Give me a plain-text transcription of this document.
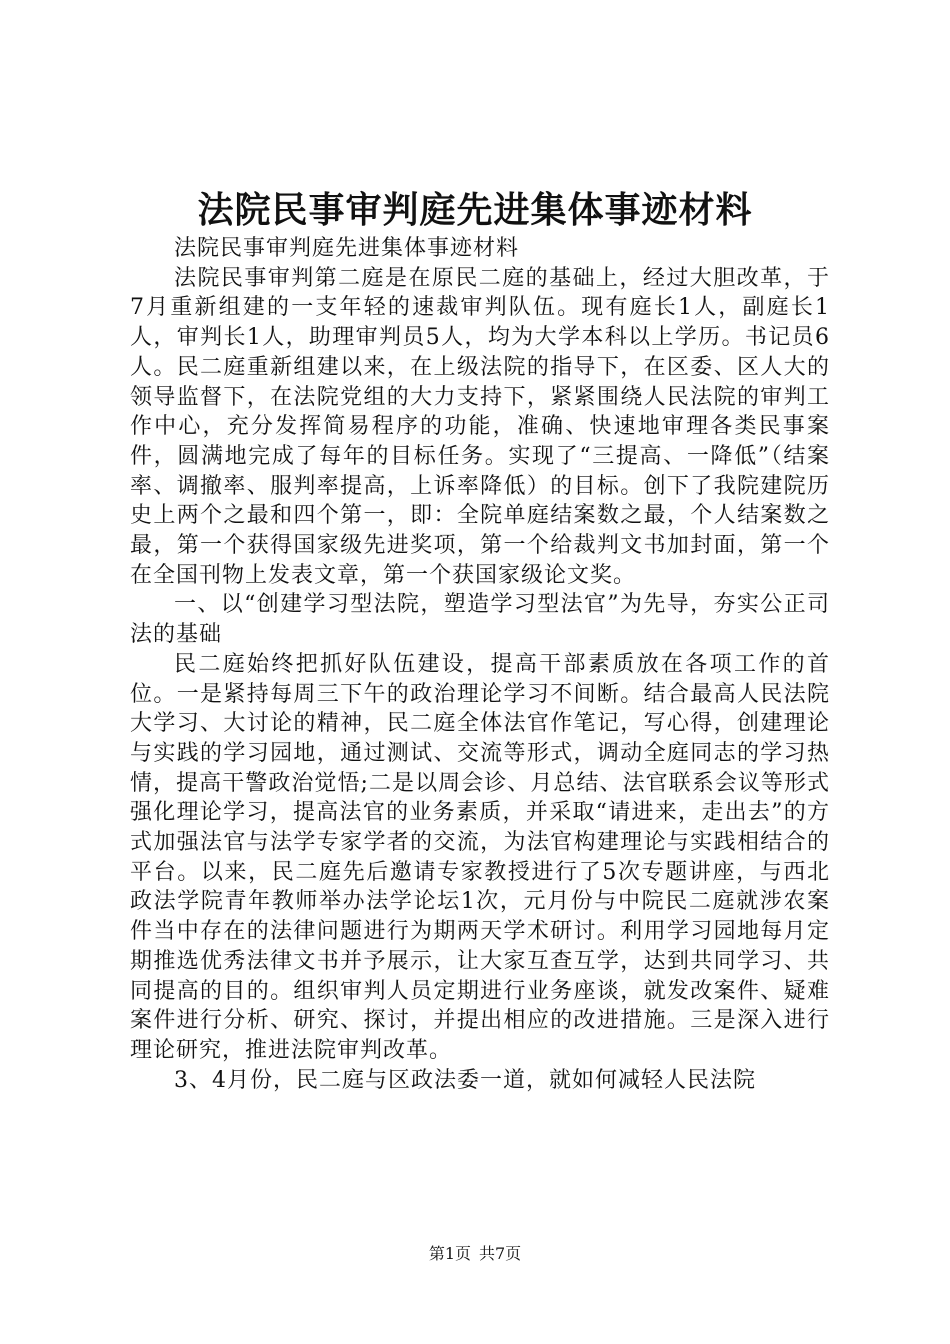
法院民事审判庭先进集体事迹材料

法院民事审判庭先进集体事迹材料

法院民事审判第二庭是在原民二庭的基础上，经过大胆改革，于7月重新组建的一支年轻的速裁审判队伍。现有庭长1人，副庭长1人，审判长1人，助理审判员5人，均为大学本科以上学历。书记员6人。民二庭重新组建以来，在上级法院的指导下，在区委、区人大的领导监督下，在法院党组的大力支持下，紧紧围绕人民法院的审判工作中心，充分发挥简易程序的功能，准确、快速地审理各类民事案件，圆满地完成了每年的目标任务。实现了“三提高、一降低”（结案率、调撤率、服判率提高，上诉率降低）的目标。创下了我院建院历史上两个之最和四个第一，即：全院单庭结案数之最，个人结案数之最，第一个获得国家级先进奖项，第一个给裁判文书加封面，第一个在全国刊物上发表文章，第一个获国家级论文奖。

一、以“创建学习型法院，塑造学习型法官”为先导，夯实公正司法的基础

民二庭始终把抓好队伍建设，提高干部素质放在各项工作的首位。一是紧持每周三下午的政治理论学习不间断。结合最高人民法院大学习、大讨论的精神，民二庭全体法官作笔记，写心得，创建理论与实践的学习园地，通过测试、交流等形式，调动全庭同志的学习热情，提高干警政治觉悟;二是以周会诊、月总结、法官联系会议等形式强化理论学习，提高法官的业务素质，并采取“请进来，走出去”的方式加强法官与法学专家学者的交流，为法官构建理论与实践相结合的平台。以来，民二庭先后邀请专家教授进行了5次专题讲座，与西北政法学院青年教师举办法学论坛1次，元月份与中院民二庭就涉农案件当中存在的法律问题进行为期两天学术研讨。利用学习园地每月定期推选优秀法律文书并予展示，让大家互查互学，达到共同学习、共同提高的目的。组织审判人员定期进行业务座谈，就发改案件、疑难案件进行分析、研究、探讨，并提出相应的改进措施。三是深入进行理论研究，推进法院审判改革。

3、4月份，民二庭与区政法委一道，就如何减轻人民法院

第1页 共7页
